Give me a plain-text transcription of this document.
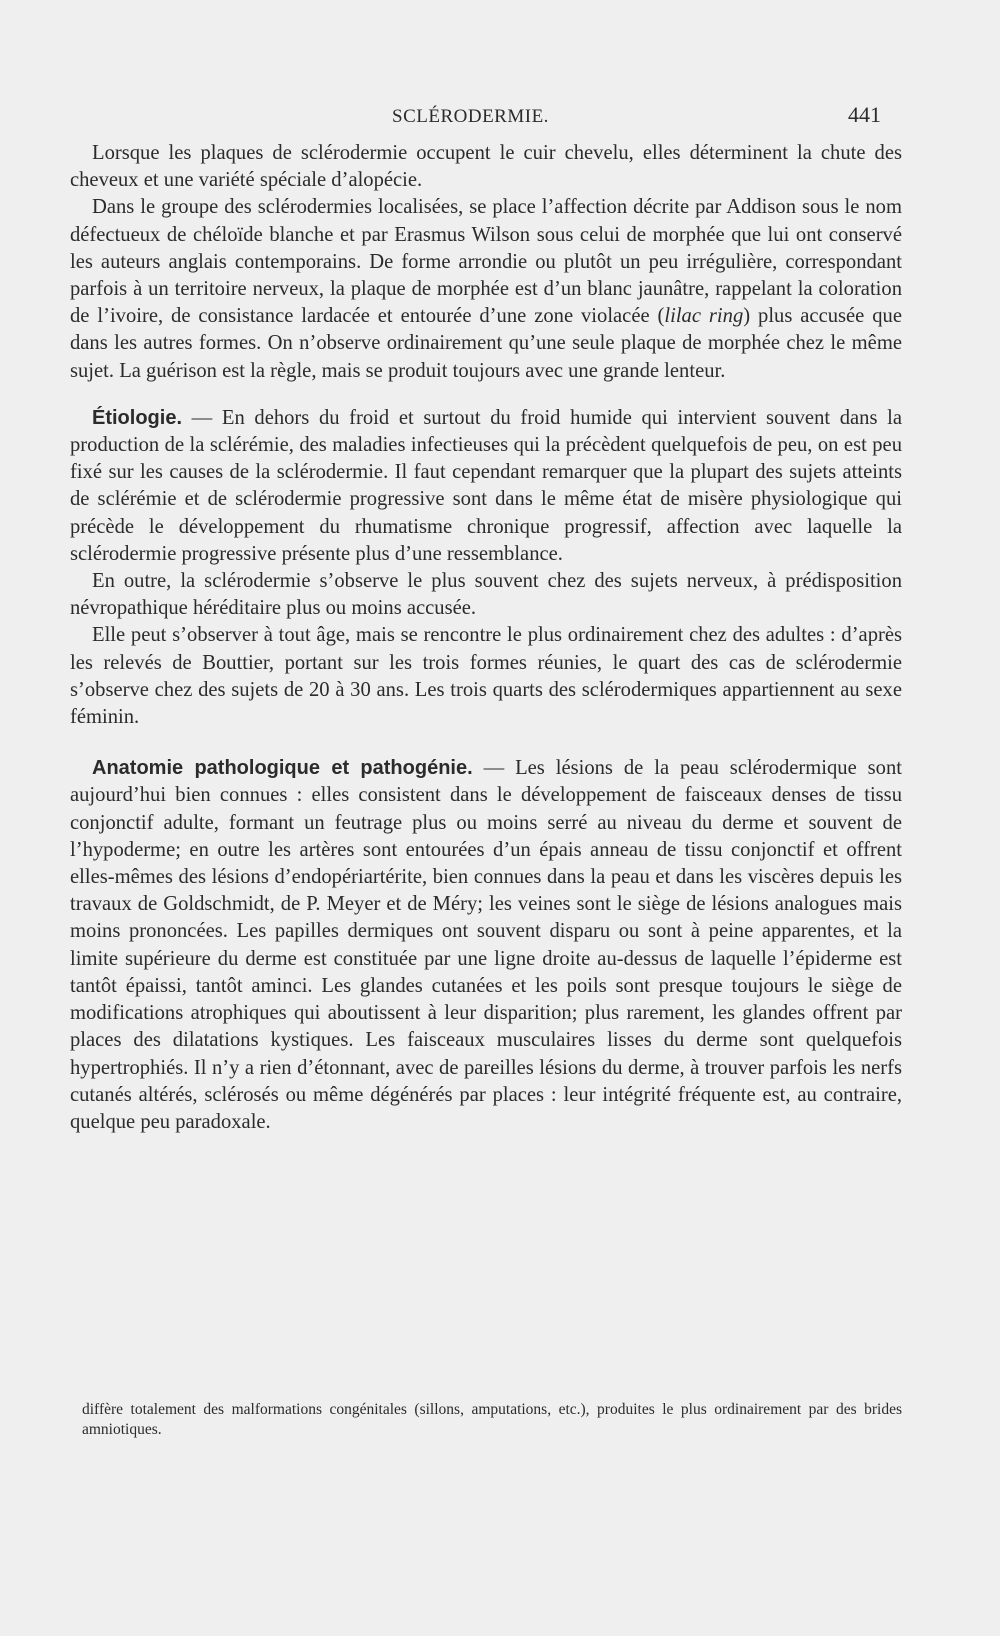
SCLÉRODERMIE.	441

Lorsque les plaques de sclérodermie occupent le cuir chevelu, elles déterminent la chute des cheveux et une variété spéciale d’alopécie.

Dans le groupe des sclérodermies localisées, se place l’affection décrite par Addison sous le nom défectueux de chéloïde blanche et par Erasmus Wilson sous celui de morphée que lui ont conservé les auteurs anglais contemporains. De forme arrondie ou plutôt un peu irrégulière, correspondant parfois à un territoire nerveux, la plaque de morphée est d’un blanc jaunâtre, rappelant la coloration de l’ivoire, de consistance lardacée et entourée d’une zone violacée (lilac ring) plus accusée que dans les autres formes. On n’observe ordinairement qu’une seule plaque de morphée chez le même sujet. La guérison est la règle, mais se produit toujours avec une grande lenteur.

Étiologie. — En dehors du froid et surtout du froid humide qui intervient souvent dans la production de la sclérémie, des maladies infectieuses qui la précèdent quelquefois de peu, on est peu fixé sur les causes de la sclérodermie. Il faut cependant remarquer que la plupart des sujets atteints de sclérémie et de sclérodermie progressive sont dans le même état de misère physiologique qui précède le développement du rhumatisme chronique progressif, affection avec laquelle la sclérodermie progressive présente plus d’une ressemblance.

En outre, la sclérodermie s’observe le plus souvent chez des sujets nerveux, à prédisposition névropathique héréditaire plus ou moins accusée.

Elle peut s’observer à tout âge, mais se rencontre le plus ordinairement chez des adultes : d’après les relevés de Bouttier, portant sur les trois formes réunies, le quart des cas de sclérodermie s’observe chez des sujets de 20 à 30 ans. Les trois quarts des sclérodermiques appartiennent au sexe féminin.

Anatomie pathologique et pathogénie. — Les lésions de la peau sclérodermique sont aujourd’hui bien connues : elles consistent dans le développement de faisceaux denses de tissu conjonctif adulte, formant un feutrage plus ou moins serré au niveau du derme et souvent de l’hypoderme; en outre les artères sont entourées d’un épais anneau de tissu conjonctif et offrent elles-mêmes des lésions d’endopériartérite, bien connues dans la peau et dans les viscères depuis les travaux de Goldschmidt, de P. Meyer et de Méry; les veines sont le siège de lésions analogues mais moins prononcées. Les papilles dermiques ont souvent disparu ou sont à peine apparentes, et la limite supérieure du derme est constituée par une ligne droite au-dessus de laquelle l’épiderme est tantôt épaissi, tantôt aminci. Les glandes cutanées et les poils sont presque toujours le siège de modifications atrophiques qui aboutissent à leur disparition; plus rarement, les glandes offrent par places des dilatations kystiques. Les faisceaux musculaires lisses du derme sont quelquefois hypertrophiés. Il n’y a rien d’étonnant, avec de pareilles lésions du derme, à trouver parfois les nerfs cutanés altérés, sclérosés ou même dégénérés par places : leur intégrité fréquente est, au contraire, quelque peu paradoxale.

diffère totalement des malformations congénitales (sillons, amputations, etc.), produites le plus ordinairement par des brides amniotiques.
